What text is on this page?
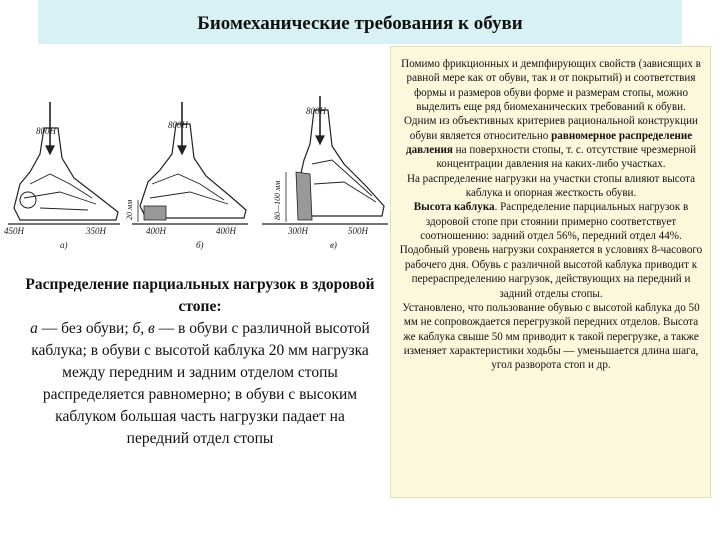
Биомеханические требования к обуви
800Н
450Н	350Н
а)
20 мм
800Н
400Н	400Н
б)
80—100 мм
800Н
300Н	500Н
в)
Распределение парциальных нагрузок в здоровой стопе:
а — без обуви; б, в — в обуви с различной высотой каблука; в обуви с высотой каблука 20 мм нагрузка между передним и задним отделом стопы распределяется равномерно; в обуви с высоким каблуком большая часть нагрузки падает на передний отдел стопы

Помимо фрикционных и демпфирующих свойств (зависящих в равной мере как от обуви, так и от покрытий) и соответствия формы и размеров обуви форме и размерам стопы, можно выделить еще ряд биомеханических требований к обуви.

Одним из объективных критериев рациональной конструкции обуви является относительно равномерное распределение давления на поверхности стопы, т. с. отсутствие чрезмерной концентрации давления на каких-либо участках.

На распределение нагрузки на участки стопы влияют высота каблука и опорная жесткость обуви.

Высота каблука. Распределение парциальных нагрузок в здоровой стопе при стоянии примерно соответствует соотношению: задний отдел 56%, передний отдел 44%. Подобный уровень нагрузки сохраняется в условиях 8-часового рабочего дня. Обувь с различной высотой каблука приводит к перераспределению нагрузок, действующих на передний и задний отделы стопы.

Установлено, что пользование обувью с высотой каблука до 50 мм не сопровождается перегрузкой передних отделов. Высота же каблука свыше 50 мм приводит к такой перегрузке, а также изменяет характеристики ходьбы — уменьшается длина шага, угол разворота стоп и др.
